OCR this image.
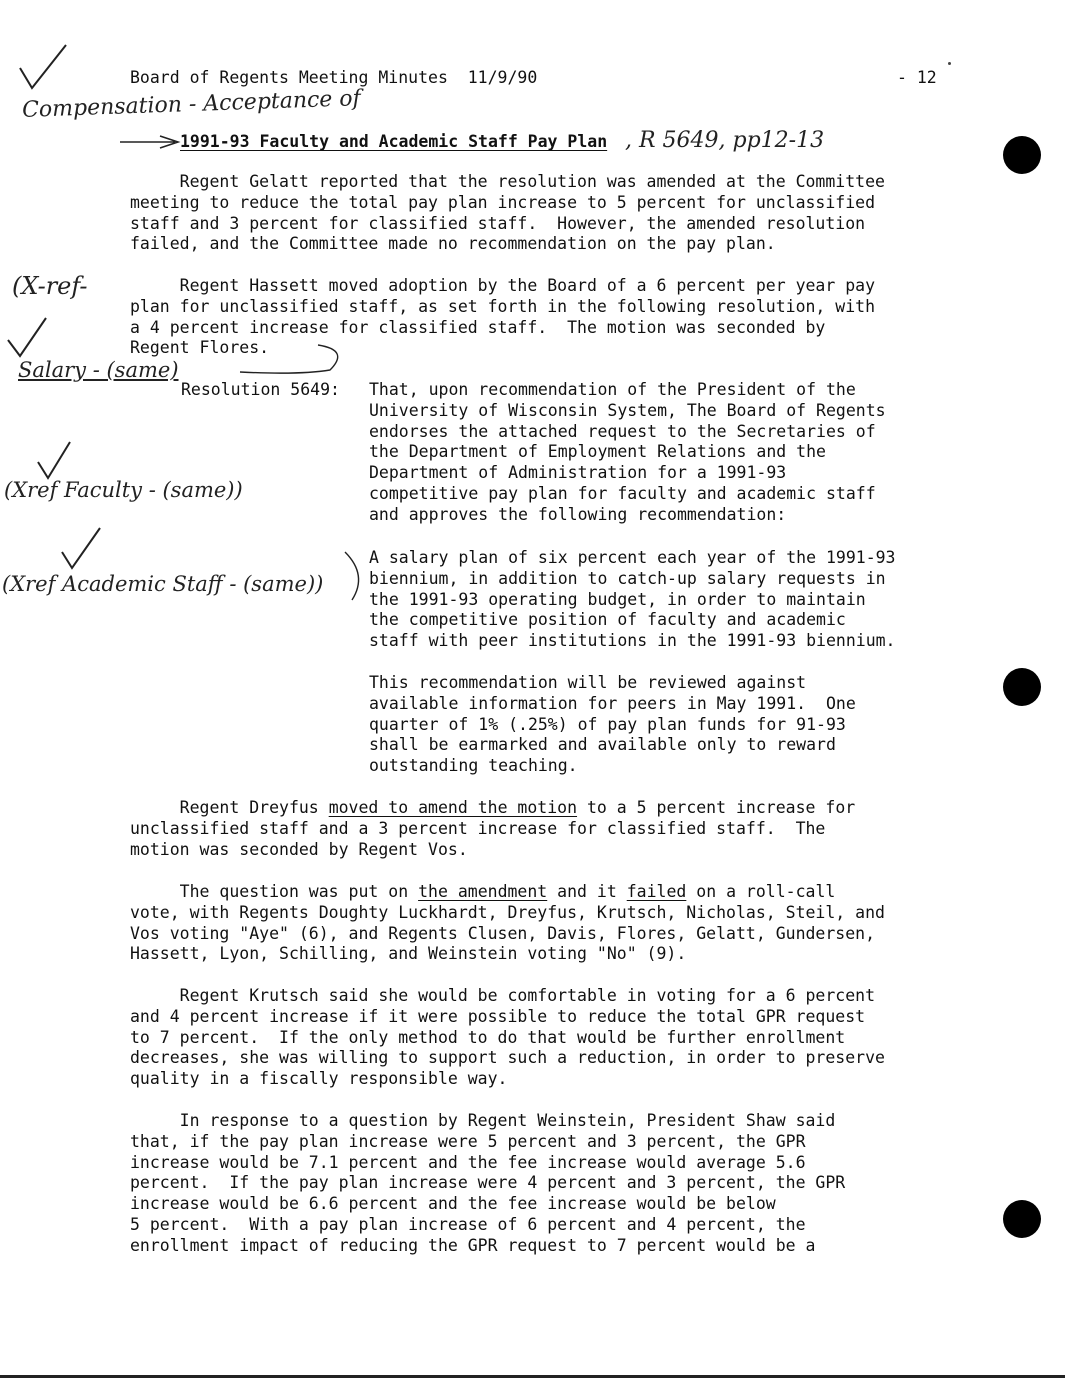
Board of Regents Meeting Minutes  11/9/90	- 12
Compensation - Acceptance of
1991-93 Faculty and Academic Staff Pay Plan , R 5649, pp12-13
Regent Gelatt reported that the resolution was amended at the Committee
meeting to reduce the total pay plan increase to 5 percent for unclassified
staff and 3 percent for classified staff.  However, the amended resolution
failed, and the Committee made no recommendation on the pay plan.
(X-ref-	Regent Hassett moved adoption by the Board of a 6 percent per year pay
plan for unclassified staff, as set forth in the following resolution, with
a 4 percent increase for classified staff.  The motion was seconded by
Regent Flores.
Salary - (same)
Resolution 5649: That, upon recommendation of the President of the
University of Wisconsin System, The Board of Regents
endorses the attached request to the Secretaries of
the Department of Employment Relations and the
Department of Administration for a 1991-93
competitive pay plan for faculty and academic staff
and approves the following recommendation:
(Xref Faculty - (same))
A salary plan of six percent each year of the 1991-93
biennium, in addition to catch-up salary requests in
the 1991-93 operating budget, in order to maintain
the competitive position of faculty and academic
staff with peer institutions in the 1991-93 biennium.
(Xref Academic Staff - (same))
This recommendation will be reviewed against
available information for peers in May 1991.  One
quarter of 1% (.25%) of pay plan funds for 91-93
shall be earmarked and available only to reward
outstanding teaching.
Regent Dreyfus moved to amend the motion to a 5 percent increase for
unclassified staff and a 3 percent increase for classified staff.  The
motion was seconded by Regent Vos.
The question was put on the amendment and it failed on a roll-call
vote, with Regents Doughty Luckhardt, Dreyfus, Krutsch, Nicholas, Steil, and
Vos voting "Aye" (6), and Regents Clusen, Davis, Flores, Gelatt, Gundersen,
Hassett, Lyon, Schilling, and Weinstein voting "No" (9).
Regent Krutsch said she would be comfortable in voting for a 6 percent
and 4 percent increase if it were possible to reduce the total GPR request
to 7 percent.  If the only method to do that would be further enrollment
decreases, she was willing to support such a reduction, in order to preserve
quality in a fiscally responsible way.
In response to a question by Regent Weinstein, President Shaw said
that, if the pay plan increase were 5 percent and 3 percent, the GPR
increase would be 7.1 percent and the fee increase would average 5.6
percent.  If the pay plan increase were 4 percent and 3 percent, the GPR
increase would be 6.6 percent and the fee increase would be below
5 percent.  With a pay plan increase of 6 percent and 4 percent, the
enrollment impact of reducing the GPR request to 7 percent would be a
